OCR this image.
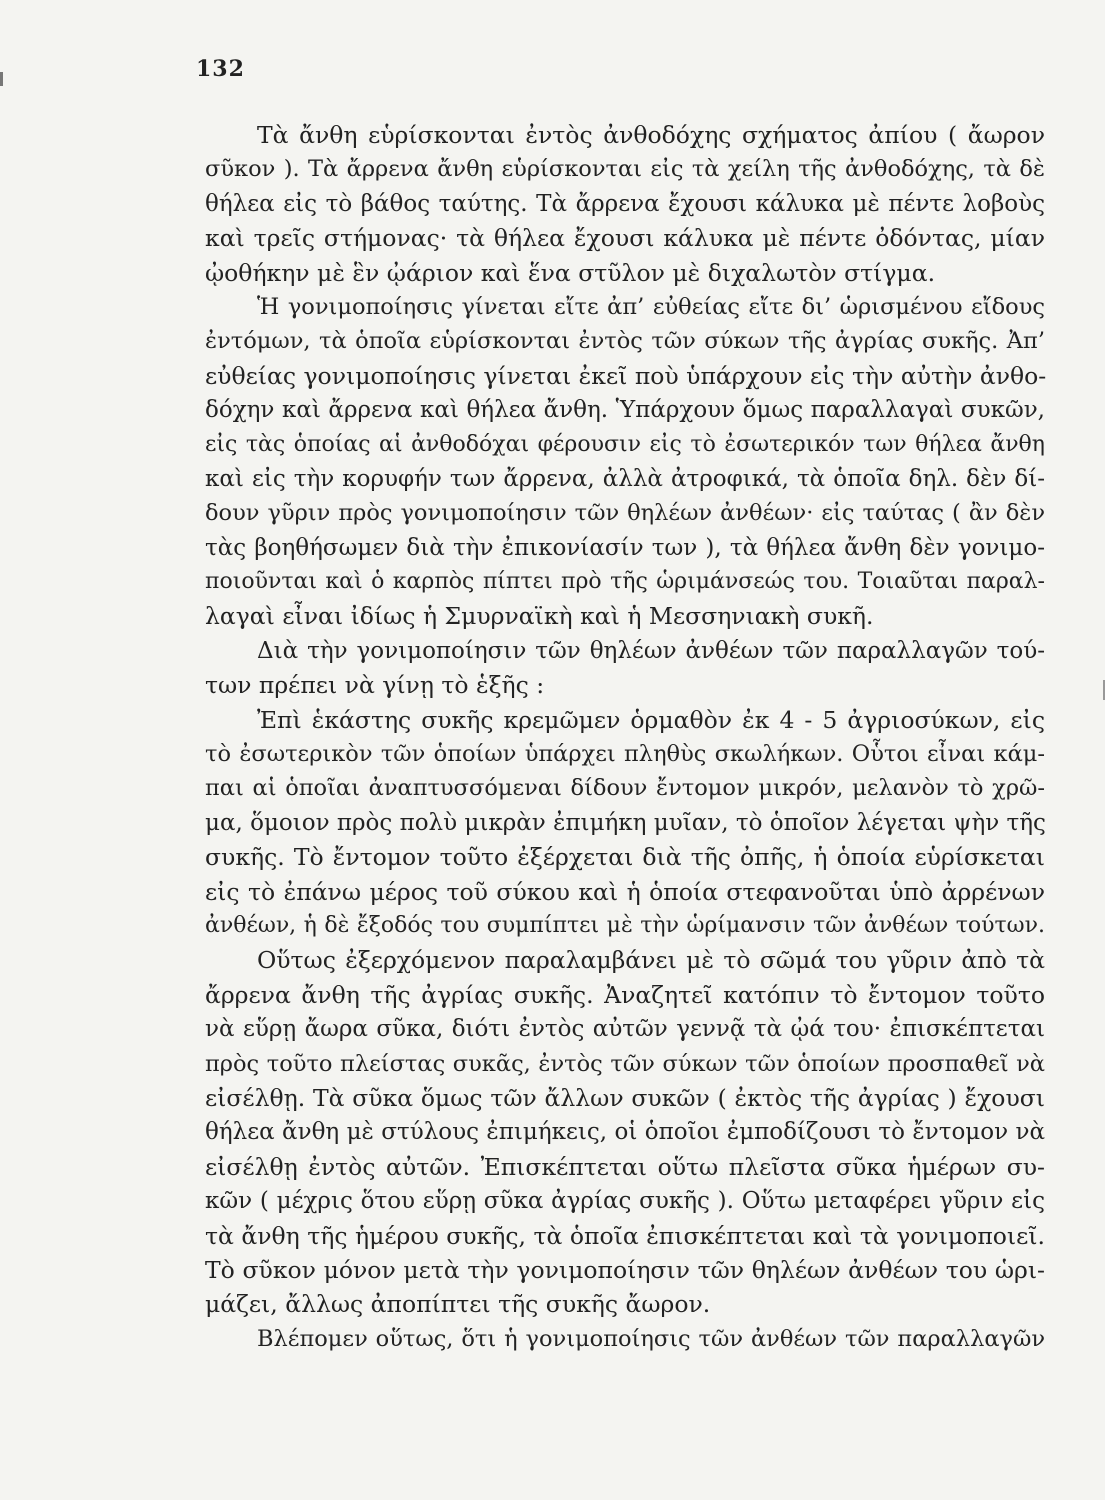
132
Τὰ ἄνθη εὑρίσκονται ἐντὸς ἀνθοδόχης σχήματος ἀπίου ( ἄωρον
σῦκον ). Τὰ ἄρρενα ἄνθη εὑρίσκονται εἰς τὰ χείλη τῆς ἀνθοδόχης, τὰ δὲ
θήλεα εἰς τὸ βάθος ταύτης. Τὰ ἄρρενα ἔχουσι κάλυκα μὲ πέντε λοβοὺς
καὶ τρεῖς στήμονας· τὰ θήλεα ἔχουσι κάλυκα μὲ πέντε ὀδόντας, μίαν
ᾠοθήκην μὲ ἓν ᾠάριον καὶ ἕνα στῦλον μὲ διχαλωτὸν στίγμα.
Ἡ γονιμοποίησις γίνεται εἴτε ἀπ’ εὐθείας εἴτε δι’ ὡρισμένου εἴδους
ἐντόμων, τὰ ὁποῖα εὑρίσκονται ἐντὸς τῶν σύκων τῆς ἀγρίας συκῆς. Ἀπ’
εὐθείας γονιμοποίησις γίνεται ἐκεῖ ποὺ ὑπάρχουν εἰς τὴν αὐτὴν ἀνθο-
δόχην καὶ ἄρρενα καὶ θήλεα ἄνθη. Ὑπάρχουν ὅμως παραλλαγαὶ συκῶν,
εἰς τὰς ὁποίας αἱ ἀνθοδόχαι φέρουσιν εἰς τὸ ἐσωτερικόν των θήλεα ἄνθη
καὶ εἰς τὴν κορυφήν των ἄρρενα, ἀλλὰ ἀτροφικά, τὰ ὁποῖα δηλ. δὲν δί-
δουν γῦριν πρὸς γονιμοποίησιν τῶν θηλέων ἀνθέων· εἰς ταύτας ( ἂν δὲν
τὰς βοηθήσωμεν διὰ τὴν ἐπικονίασίν των ), τὰ θήλεα ἄνθη δὲν γονιμο-
ποιοῦνται καὶ ὁ καρπὸς πίπτει πρὸ τῆς ὡριμάνσεώς του. Τοιαῦται παραλ-
λαγαὶ εἶναι ἰδίως ἡ Σμυρναϊκὴ καὶ ἡ Μεσσηνιακὴ συκῆ.
Διὰ τὴν γονιμοποίησιν τῶν θηλέων ἀνθέων τῶν παραλλαγῶν τού-
των πρέπει νὰ γίνῃ τὸ ἑξῆς :
Ἐπὶ ἑκάστης συκῆς κρεμῶμεν ὁρμαθὸν ἐκ 4 - 5 ἀγριοσύκων, εἰς
τὸ ἐσωτερικὸν τῶν ὁποίων ὑπάρχει πληθὺς σκωλήκων. Οὗτοι εἶναι κάμ-
παι αἱ ὁποῖαι ἀναπτυσσόμεναι δίδουν ἔντομον μικρόν, μελανὸν τὸ χρῶ-
μα, ὅμοιον πρὸς πολὺ μικρὰν ἐπιμήκη μυῖαν, τὸ ὁποῖον λέγεται ψὴν τῆς
συκῆς. Τὸ ἔντομον τοῦτο ἐξέρχεται διὰ τῆς ὀπῆς, ἡ ὁποία εὑρίσκεται
εἰς τὸ ἐπάνω μέρος τοῦ σύκου καὶ ἡ ὁποία στεφανοῦται ὑπὸ ἀρρένων
ἀνθέων, ἡ δὲ ἔξοδός του συμπίπτει μὲ τὴν ὡρίμανσιν τῶν ἀνθέων τούτων.
Οὕτως ἐξερχόμενον παραλαμβάνει μὲ τὸ σῶμά του γῦριν ἀπὸ τὰ
ἄρρενα ἄνθη τῆς ἀγρίας συκῆς. Ἀναζητεῖ κατόπιν τὸ ἔντομον τοῦτο
νὰ εὕρῃ ἄωρα σῦκα, διότι ἐντὸς αὐτῶν γεννᾷ τὰ ᾠά του· ἐπισκέπτεται
πρὸς τοῦτο πλείστας συκᾶς, ἐντὸς τῶν σύκων τῶν ὁποίων προσπαθεῖ νὰ
εἰσέλθῃ. Τὰ σῦκα ὅμως τῶν ἄλλων συκῶν ( ἐκτὸς τῆς ἀγρίας ) ἔχουσι
θήλεα ἄνθη μὲ στύλους ἐπιμήκεις, οἱ ὁποῖοι ἐμποδίζουσι τὸ ἔντομον νὰ
εἰσέλθῃ ἐντὸς αὐτῶν. Ἐπισκέπτεται οὕτω πλεῖστα σῦκα ἡμέρων συ-
κῶν ( μέχρις ὅτου εὕρῃ σῦκα ἀγρίας συκῆς ). Οὕτω μεταφέρει γῦριν εἰς
τὰ ἄνθη τῆς ἡμέρου συκῆς, τὰ ὁποῖα ἐπισκέπτεται καὶ τὰ γονιμοποιεῖ.
Τὸ σῦκον μόνον μετὰ τὴν γονιμοποίησιν τῶν θηλέων ἀνθέων του ὡρι-
μάζει, ἄλλως ἀποπίπτει τῆς συκῆς ἄωρον.
Βλέπομεν οὕτως, ὅτι ἡ γονιμοποίησις τῶν ἀνθέων τῶν παραλλαγῶν
